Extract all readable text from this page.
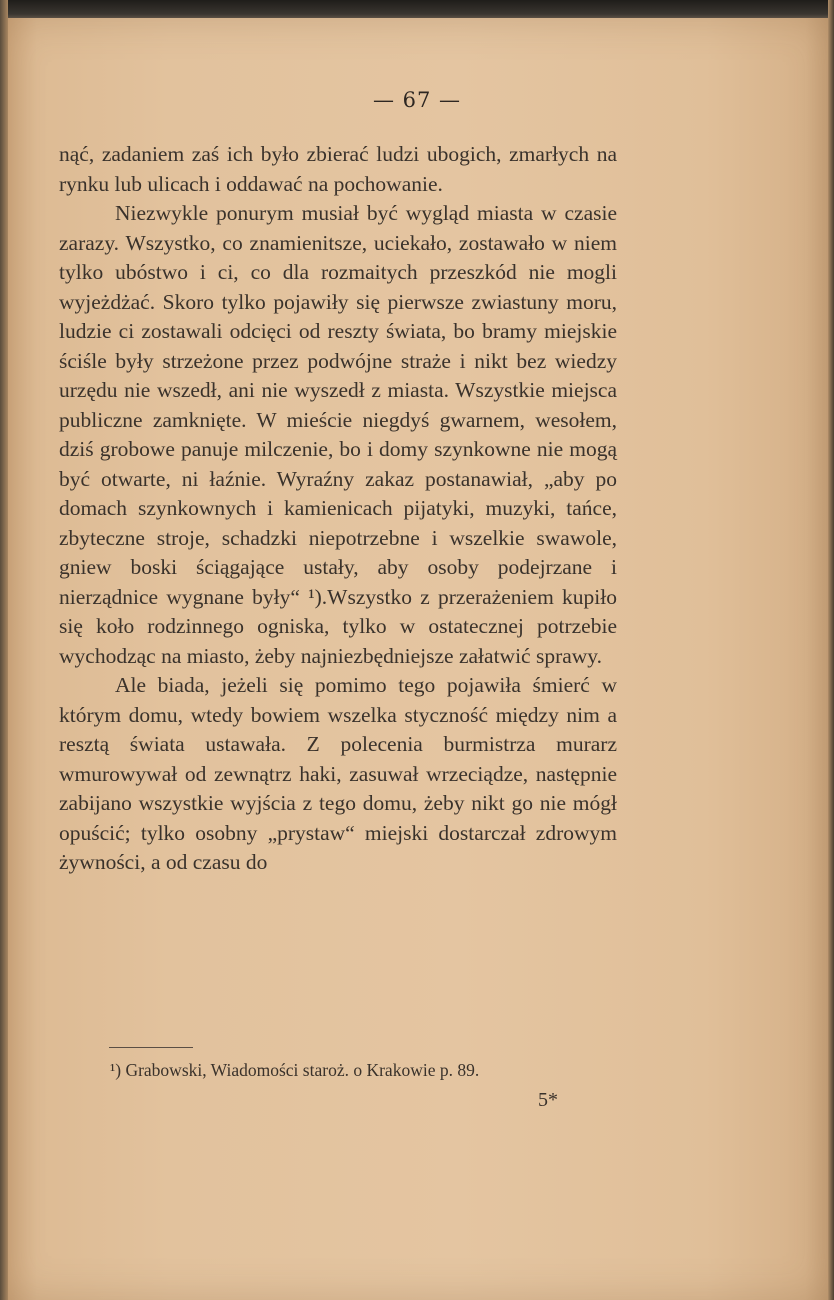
— 67 —

nąć, zadaniem zaś ich było zbierać ludzi ubogich, zmarłych na rynku lub ulicach i oddawać na pochowanie.

Niezwykle ponurym musiał być wygląd miasta w czasie zarazy. Wszystko, co znamienitsze, uciekało, zostawało w niem tylko ubóstwo i ci, co dla rozmaitych przeszkód nie mogli wyjeżdżać. Skoro tylko pojawiły się pierwsze zwiastuny moru, ludzie ci zostawali odcięci od reszty świata, bo bramy miejskie ściśle były strzeżone przez podwójne straże i nikt bez wiedzy urzędu nie wszedł, ani nie wyszedł z miasta. Wszystkie miejsca publiczne zamknięte. W mieście niegdyś gwarnem, wesołem, dziś grobowe panuje milczenie, bo i domy szynkowne nie mogą być otwarte, ni łaźnie. Wyraźny zakaz postanawiał, „aby po domach szynkownych i kamienicach pijatyki, muzyki, tańce, zbyteczne stroje, schadzki niepotrzebne i wszelkie swawole, gniew boski ściągające ustały, aby osoby podejrzane i nierządnice wygnane były“ ¹).Wszystko z przerażeniem kupiło się koło rodzinnego ogniska, tylko w ostatecznej potrzebie wychodząc na miasto, żeby najniezbędniejsze załatwić sprawy.

Ale biada, jeżeli się pomimo tego pojawiła śmierć w którym domu, wtedy bowiem wszelka styczność między nim a resztą świata ustawała. Z polecenia burmistrza murarz wmurowywał od zewnątrz haki, zasuwał wrzeciądze, następnie zabijano wszystkie wyjścia z tego domu, żeby nikt go nie mógł opuścić; tylko osobny „prystaw“ miejski dostarczał zdrowym żywności, a od czasu do

¹) Grabowski, Wiadomości staroż. o Krakowie p. 89.
5*
